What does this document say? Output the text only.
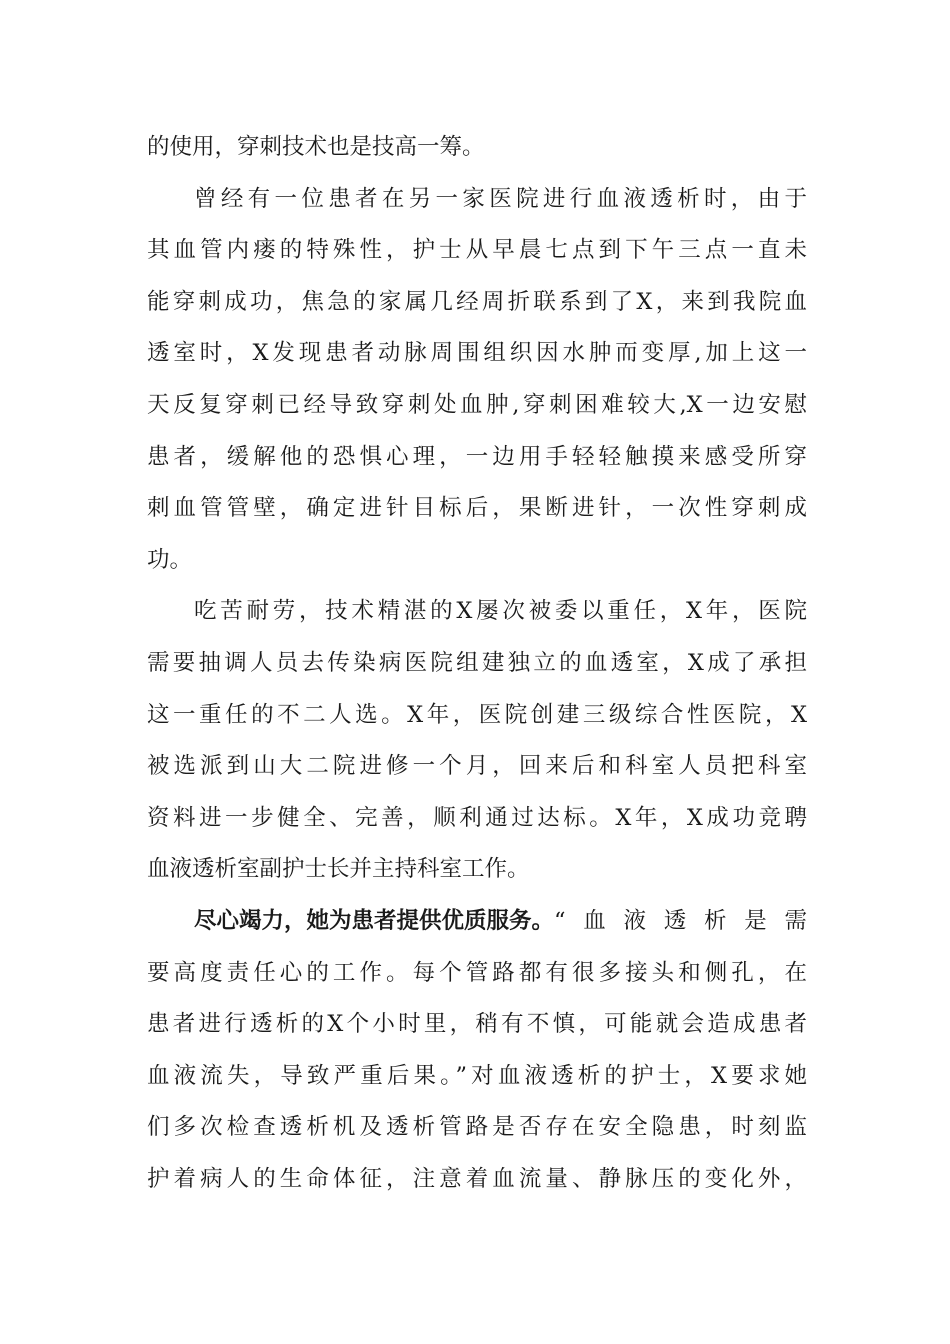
的使用，穿刺技术也是技高一筹。
曾经有一位患者在另一家医院进行血液透析时，由于
其血管内瘘的特殊性，护士从早晨七点到下午三点一直未
能穿刺成功，焦急的家属几经周折联系到了X，来到我院血
透室时，X发现患者动脉周围组织因水肿而变厚,加上这一
天反复穿刺已经导致穿刺处血肿,穿刺困难较大,X一边安慰
患者，缓解他的恐惧心理，一边用手轻轻触摸来感受所穿
刺血管管壁，确定进针目标后，果断进针，一次性穿刺成
功。
吃苦耐劳，技术精湛的X屡次被委以重任，X年，医院
需要抽调人员去传染病医院组建独立的血透室，X成了承担
这一重任的不二人选。X年，医院创建三级综合性医院，X
被选派到山大二院进修一个月，回来后和科室人员把科室
资料进一步健全、完善，顺利通过达标。X年，X成功竞聘
血液透析室副护士长并主持科室工作。
尽心竭力，她为患者提供优质服务。 “血液透析是需
要高度责任心的工作。每个管路都有很多接头和侧孔，在
患者进行透析的X个小时里，稍有不慎，可能就会造成患者
血液流失，导致严重后果。”对血液透析的护士，X要求她
们多次检查透析机及透析管路是否存在安全隐患，时刻监
护着病人的生命体征，注意着血流量、静脉压的变化外，
